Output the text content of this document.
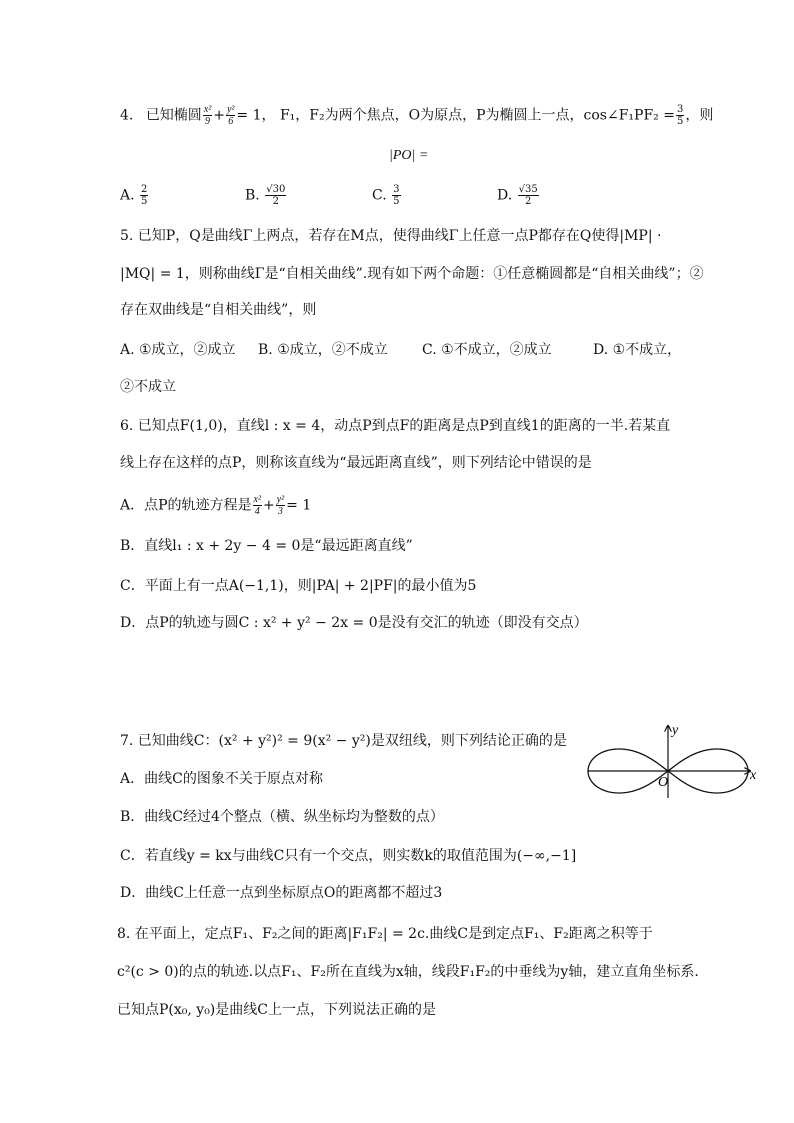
4. 已知椭圆 $\frac{\text{x²}}{9} + \frac{\text{y²}}{6} = 1$， F₁，F₂为两个焦点，O为原点，P为椭圆上一点，cos∠F₁PF₂ = $\frac{3}{5}$ ，则
|PO| =
A. $\frac{2}{5}$	B. $\frac{√30}{2}$	C. $\frac{3}{5}$	D. $\frac{√35}{2}$
5. 已知P，Q是曲线Γ上两点，若存在M点，使得曲线Γ上任意一点P都存在Q使得|MP| ·
|MQ| = 1，则称曲线Γ是“自相关曲线”.现有如下两个命题：①任意椭圆都是“自相关曲线”；②
存在双曲线是“自相关曲线”，则
A. ①成立，②成立 B. ①成立，②不成立 C. ①不成立，②成立	D. ①不成立，
②不成立
6. 已知点F(1,0)，直线l : x = 4，动点P到点F的距离是点P到直线1的距离的一半.若某直
线上存在这样的点P，则称该直线为“最远距离直线”，则下列结论中错误的是
A．点P的轨迹方程是 $\frac{\text{x²}}{4} + \frac{\text{y²}}{3} = 1$
B．直线l₁ : x + 2y − 4 = 0是“最远距离直线”
C．平面上有一点A(−1,1)，则|PA| + 2|PF|的最小值为5
D．点P的轨迹与圆C : x² + y² − 2x = 0是没有交汇的轨迹（即没有交点）
7. 已知曲线C：(x² + y²)² = 9(x² − y²)是双纽线，则下列结论正确的是
A．曲线C的图象不关于原点对称
B．曲线C经过4个整点（横、纵坐标均为整数的点）
C．若直线y = kx与曲线C只有一个交点，则实数k的取值范围为(−∞,−1]
D．曲线C上任意一点到坐标原点O的距离都不超过3
x
y
O
8. 在平面上，定点F₁、F₂之间的距离|F₁F₂| = 2c.曲线C是到定点F₁、F₂距离之积等于
c²(c > 0)的点的轨迹.以点F₁、F₂所在直线为x轴，线段F₁F₂的中垂线为y轴，建立直角坐标系.
已知点P(x₀, y₀)是曲线C上一点，下列说法正确的是
